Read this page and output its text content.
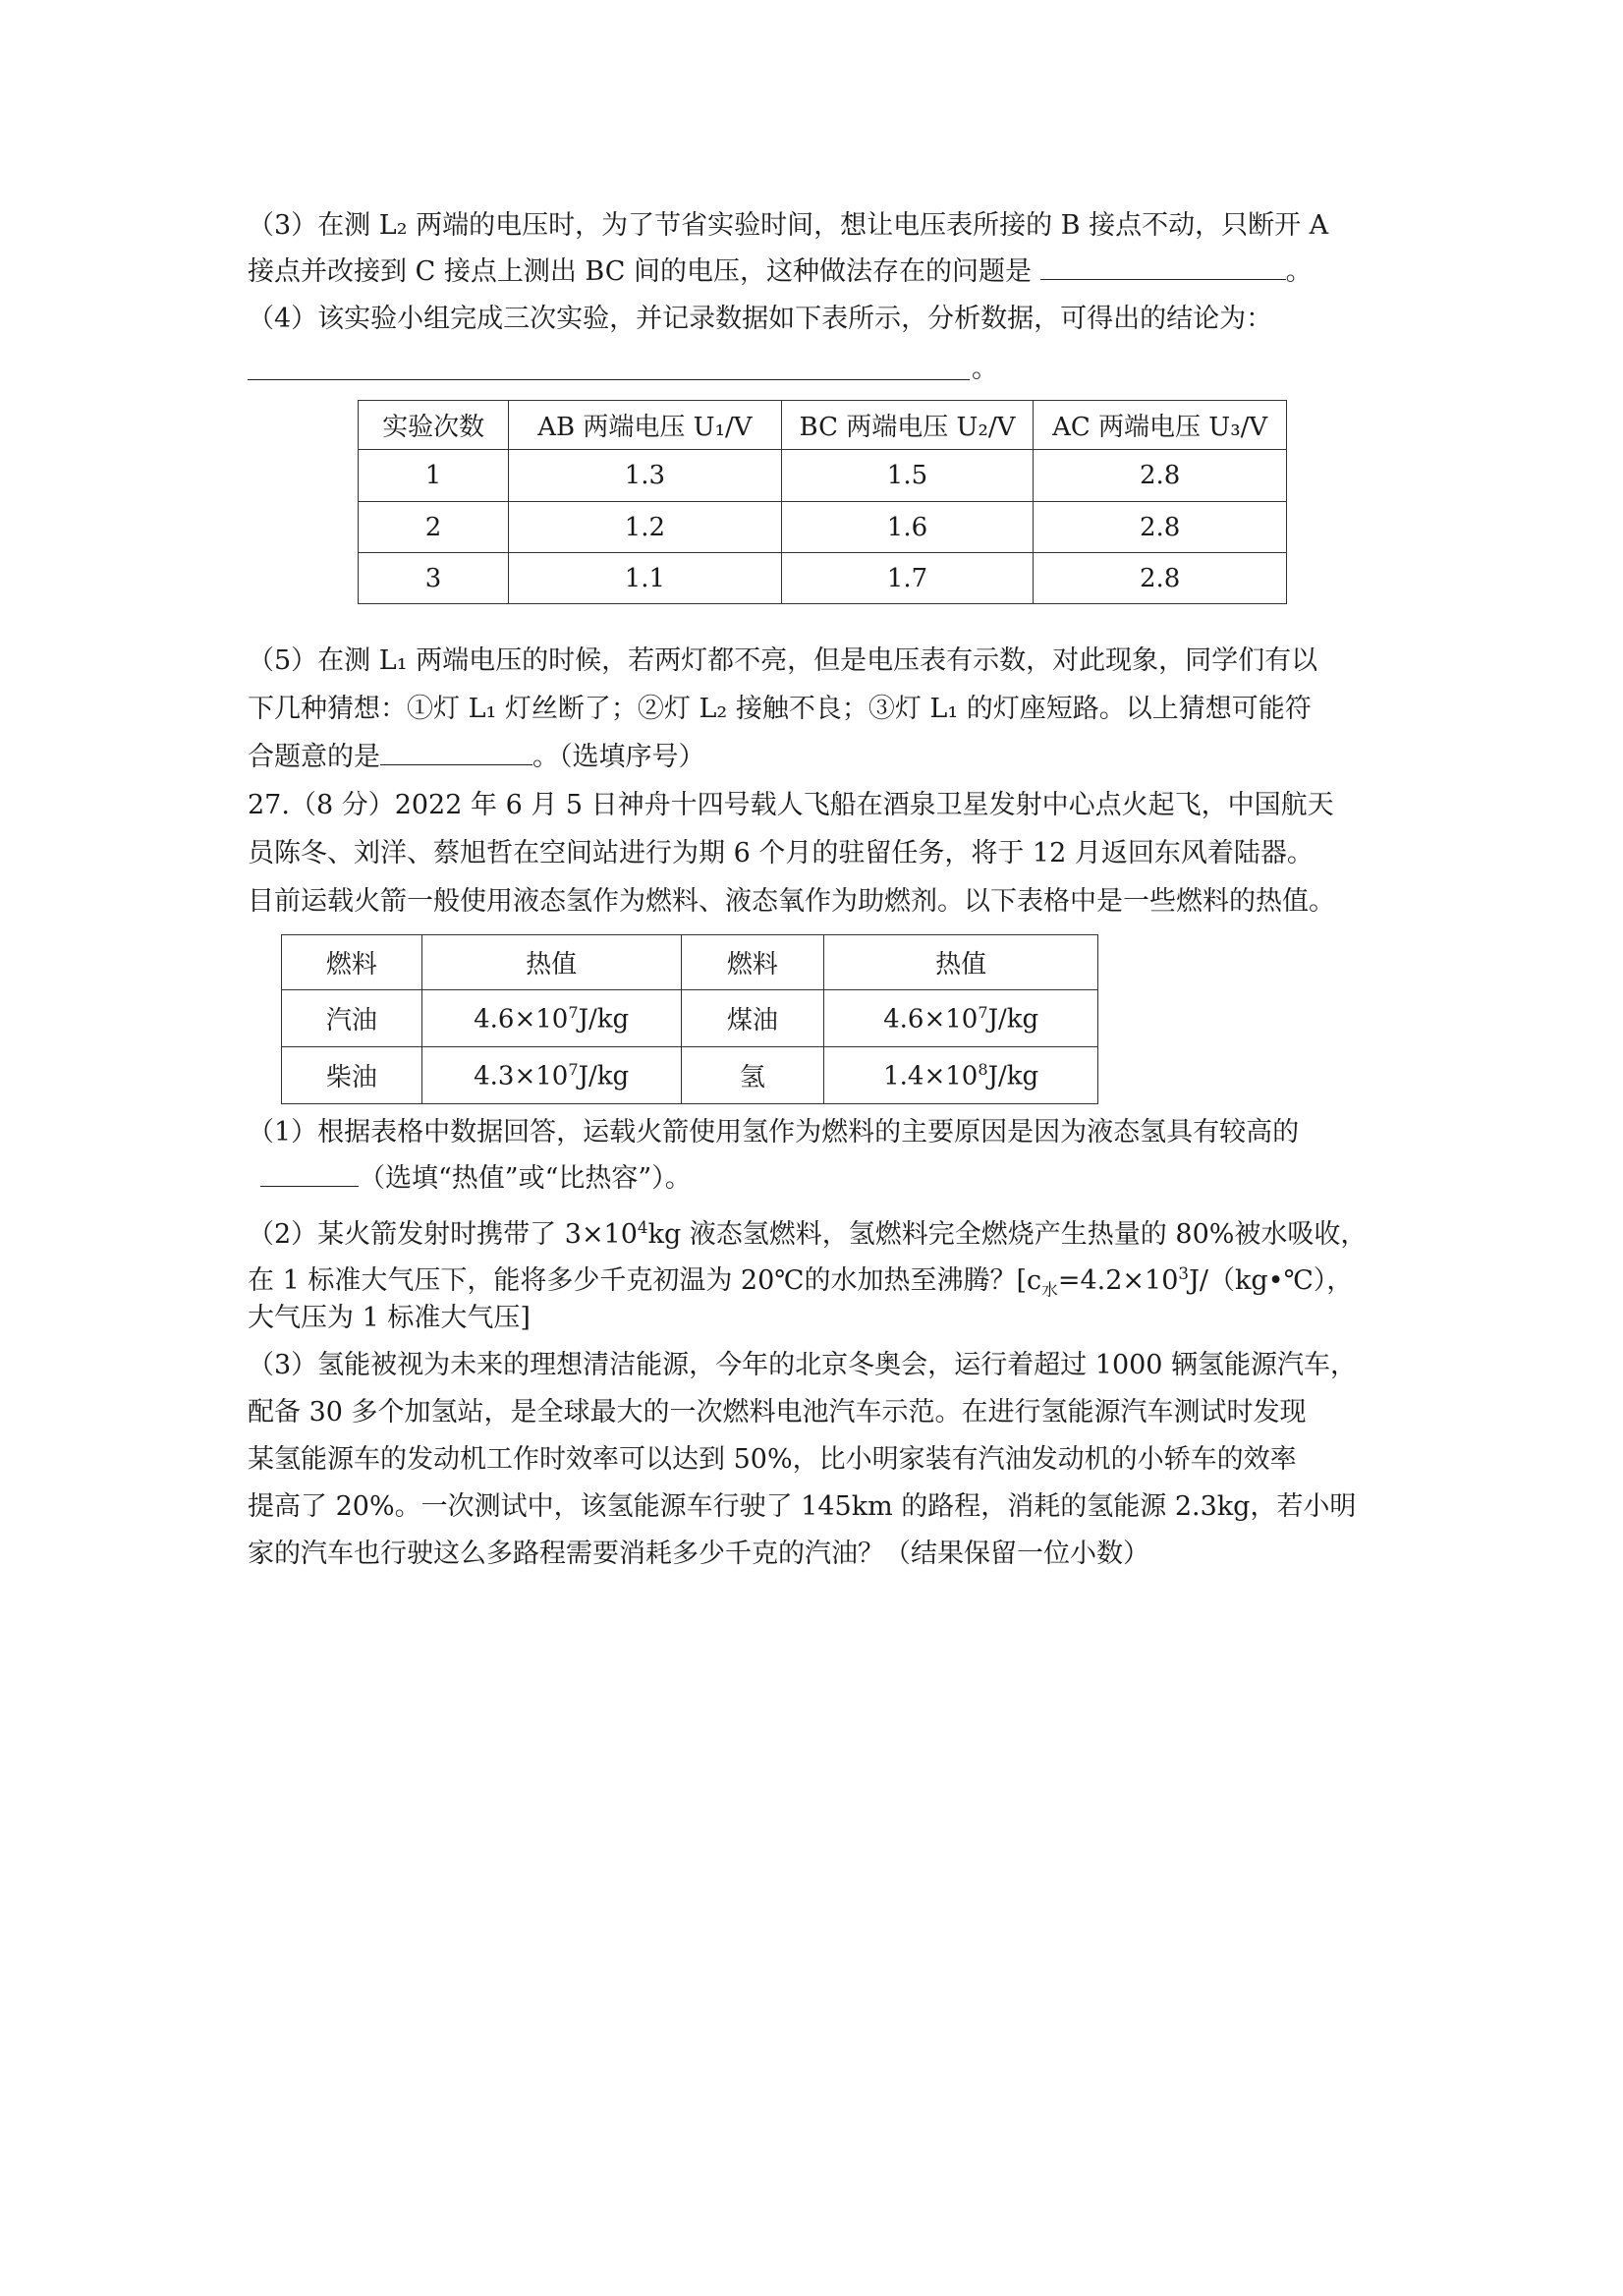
（3）在测 L₂ 两端的电压时，为了节省实验时间，想让电压表所接的 B 接点不动，只断开 A
接点并改接到 C 接点上测出 BC 间的电压，这种做法存在的问题是	。
（4）该实验小组完成三次实验，并记录数据如下表所示，分析数据，可得出的结论为：
。
实验次数	AB 两端电压 U₁/V	BC 两端电压 U₂/V	AC 两端电压 U₃/V
1	1.3	1.5	2.8
2	1.2	1.6	2.8
3	1.1	1.7	2.8
（5）在测 L₁ 两端电压的时候，若两灯都不亮，但是电压表有示数，对此现象，同学们有以
下几种猜想：①灯 L₁ 灯丝断了；②灯 L₂ 接触不良；③灯 L₁ 的灯座短路。以上猜想可能符
合题意的是	。（选填序号）
27.（8 分）2022 年 6 月 5 日神舟十四号载人飞船在酒泉卫星发射中心点火起飞，中国航天
员陈冬、刘洋、蔡旭哲在空间站进行为期 6 个月的驻留任务，将于 12 月返回东风着陆器。
目前运载火箭一般使用液态氢作为燃料、液态氧作为助燃剂。以下表格中是一些燃料的热值。
燃料	热值	燃料	热值
汽油	$4.6\times 10^7J/kg$	煤油	$4.6\times 10^7J/kg$
柴油	$4.3\times 10^7J/kg$	氢	$1.4\times 10^8J/kg$
（1）根据表格中数据回答，运载火箭使用氢作为燃料的主要原因是因为液态氢具有较高的
（选填“热值”或“比热容”）。
（2）某火箭发射时携带了 $3\times 10^4kg$ 液态氢燃料，氢燃料完全燃烧产生热量的 80%被水吸收，
在 1 标准大气压下，能将多少千克初温为 20℃的水加热至沸腾？[$c_水=4.2\times 10^3J/(kg•℃)$，
大气压为 1 标准大气压]
（3）氢能被视为未来的理想清洁能源，今年的北京冬奥会，运行着超过 1000 辆氢能源汽车，
配备 30 多个加氢站，是全球最大的一次燃料电池汽车示范。在进行氢能源汽车测试时发现
某氢能源车的发动机工作时效率可以达到 50%，比小明家装有汽油发动机的小轿车的效率
提高了 20%。一次测试中，该氢能源车行驶了 145km 的路程，消耗的氢能源 2.3kg，若小明
家的汽车也行驶这么多路程需要消耗多少千克的汽油？（结果保留一位小数）
